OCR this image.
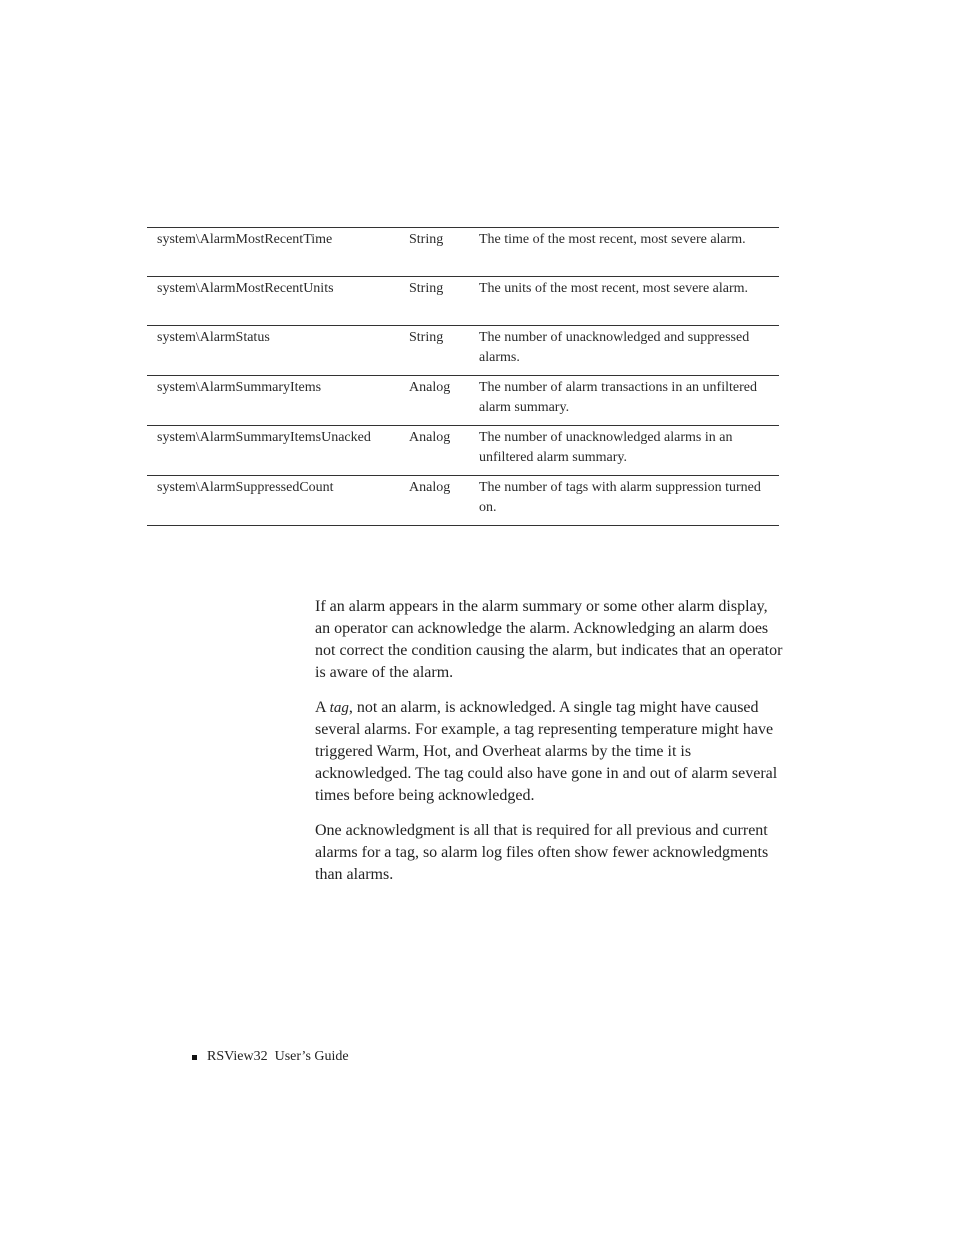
system\AlarmMostRecentTime	String	The time of the most recent, most severe alarm.
system\AlarmMostRecentUnits	String	The units of the most recent, most severe alarm.
system\AlarmStatus	String	The number of unacknowledged and suppressed alarms.
system\AlarmSummaryItems	Analog	The number of alarm transactions in an unfiltered alarm summary.
system\AlarmSummaryItemsUnacked	Analog	The number of unacknowledged alarms in an unfiltered alarm summary.
system\AlarmSuppressedCount	Analog	The number of tags with alarm suppression turned on.

If an alarm appears in the alarm summary or some other alarm display, an operator can acknowledge the alarm. Acknowledging an alarm does not correct the condition causing the alarm, but indicates that an operator is aware of the alarm.

A tag, not an alarm, is acknowledged. A single tag might have caused several alarms. For example, a tag representing temperature might have triggered Warm, Hot, and Overheat alarms by the time it is acknowledged. The tag could also have gone in and out of alarm several times before being acknowledged.

One acknowledgment is all that is required for all previous and current alarms for a tag, so alarm log files often show fewer acknowledgments than alarms.

RSView32  User’s Guide
